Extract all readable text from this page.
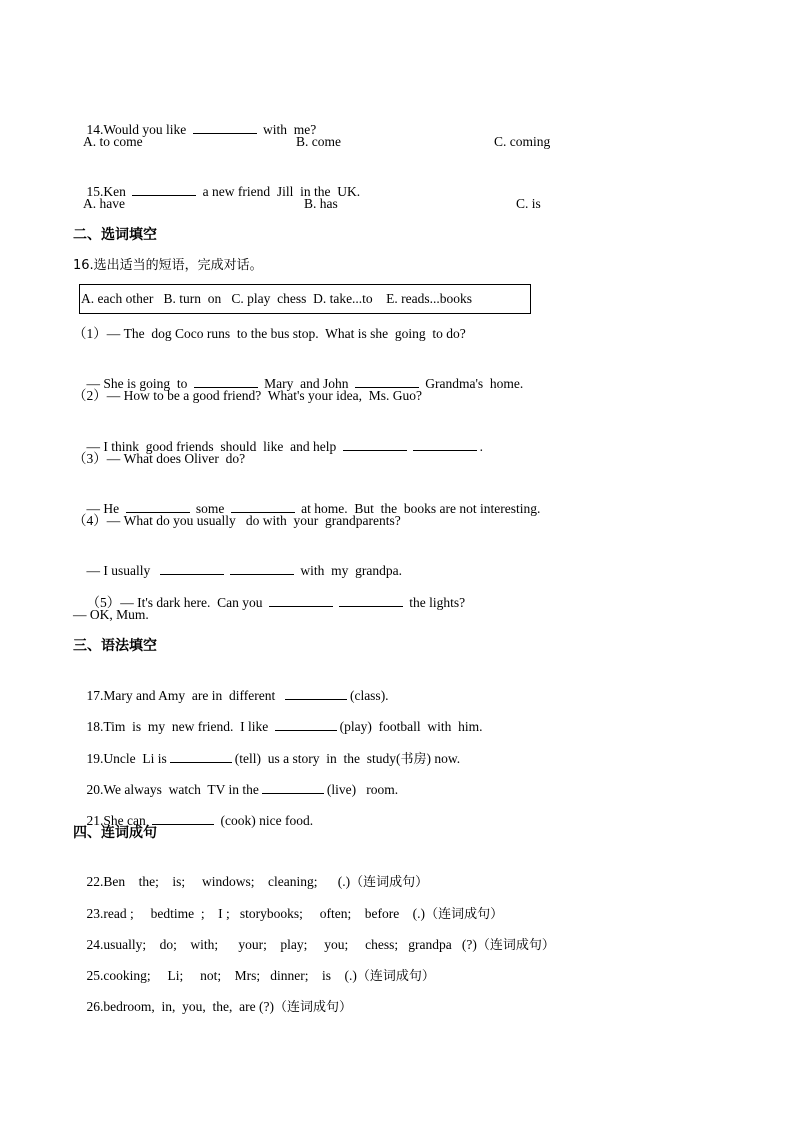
14.Would you like	with  me?

A. to come	B. come	C. coming

15.Ken	a new friend  Jill  in the  UK.

A. have	B. has	C. is
二、选词填空
16.选出适当的短语，完成对话。
A. each other   B. turn  on   C. play  chess  D. take...to    E. reads...books
（1）— The  dog Coco runs  to the bus stop.  What is she  going  to do?

— She is going  to	Mary  and John	Grandma's  home.

（2）— How to be a good friend?  What's your idea,  Ms. Guo?

— I think  good friends  should  like  and help	.

（3）— What does Oliver  do?

— He	some	at home.  But  the  books are not interesting.

（4）— What do you usually   do with  your  grandparents?

— I usually	with  my  grandpa.

（5）— It's dark here.  Can you	the lights?

— OK, Mum.
三、语法填空

17.Mary and Amy  are in  different	(class).

18.Tim  is  my  new friend.  I like	(play)  football  with  him.

19.Uncle  Li is	(tell)  us a story  in  the  study(书房) now.

20.We always  watch  TV in the	(live)   room.

21.She can	(cook) nice food.

四、连词成句

22.Ben    the;    is;     windows;    cleaning;      (.)（连词成句）

23.read ;     bedtime  ;    I ;   storybooks;     often;    before    (.)（连词成句）

24.usually;    do;    with;      your;    play;     you;     chess;   grandpa   (?)（连词成句）

25.cooking;     Li;     not;    Mrs;   dinner;    is    (.)（连词成句）

26.bedroom,  in,  you,  the,  are (?)（连词成句）
